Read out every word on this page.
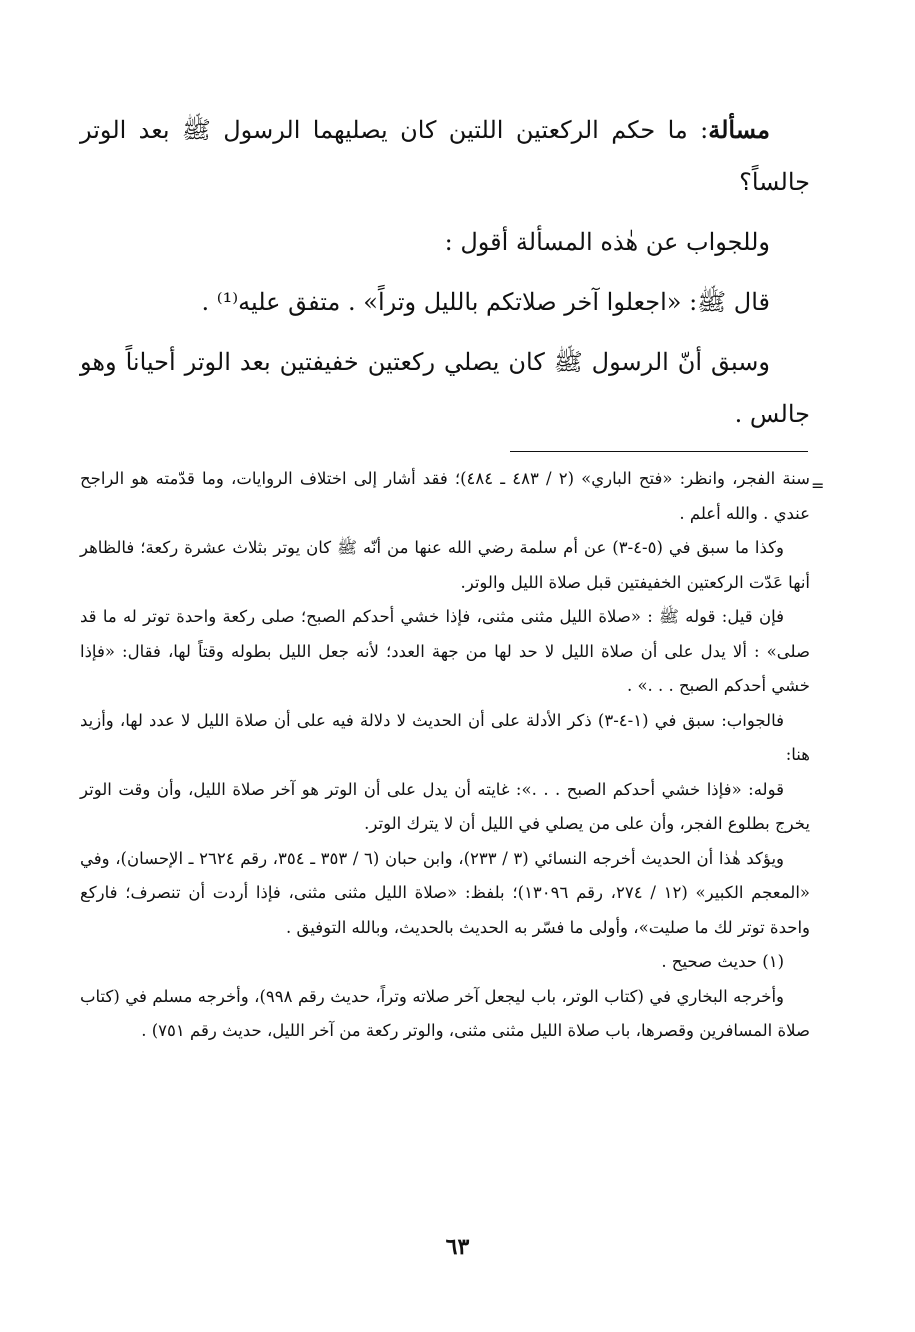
مسألة: ما حكم الركعتين اللتين كان يصليهما الرسول ﷺ بعد الوتر جالساً؟

وللجواب عن هٰذه المسألة أقول :

قال ﷺ: «اجعلوا آخر صلاتكم بالليل وتراً» . متفق عليه⁽¹⁾ .

وسبق أنّ الرسول ﷺ كان يصلي ركعتين خفيفتين بعد الوتر أحياناً وهو جالس .

=

سنة الفجر، وانظر: «فتح الباري» (٢ / ٤٨٣ ـ ٤٨٤)؛ فقد أشار إلى اختلاف الروايات، وما قدّمته هو الراجح عندي . والله أعلم .

وكذا ما سبق في (٥-٤-٣) عن أم سلمة رضي الله عنها من أنّه ﷺ كان يوتر بثلاث عشرة ركعة؛ فالظاهر أنها عَدّت الركعتين الخفيفتين قبل صلاة الليل والوتر.

فإن قيل: قوله ﷺ : «صلاة الليل مثنى مثنى، فإذا خشي أحدكم الصبح؛ صلى ركعة واحدة توتر له ما قد صلى» : ألا يدل على أن صلاة الليل لا حد لها من جهة العدد؛ لأنه جعل الليل بطوله وقتاً لها، فقال: «فإذا خشي أحدكم الصبح . . .» .

فالجواب: سبق في (١-٤-٣) ذكر الأدلة على أن الحديث لا دلالة فيه على أن صلاة الليل لا عدد لها، وأزيد هنا:

قوله: «فإذا خشي أحدكم الصبح . . .»: غايته أن يدل على أن الوتر هو آخر صلاة الليل، وأن وقت الوتر يخرج بطلوع الفجر، وأن على من يصلي في الليل أن لا يترك الوتر.

ويؤكد هٰذا أن الحديث أخرجه النسائي (٣ / ٢٣٣)، وابن حبان (٦ / ٣٥٣ ـ ٣٥٤، رقم ٢٦٢٤ ـ الإحسان)، وفي «المعجم الكبير» (١٢ / ٢٧٤، رقم ١٣٠٩٦)؛ بلفظ: «صلاة الليل مثنى مثنى، فإذا أردت أن تنصرف؛ فاركع واحدة توتر لك ما صليت»، وأولى ما فسّر به الحديث بالحديث، وبالله التوفيق .

(١) حديث صحيح .

وأخرجه البخاري في (كتاب الوتر، باب ليجعل آخر صلاته وتراً، حديث رقم ٩٩٨)، وأخرجه مسلم في (كتاب صلاة المسافرين وقصرها، باب صلاة الليل مثنى مثنى، والوتر ركعة من آخر الليل، حديث رقم ٧٥١) .

٦٣
